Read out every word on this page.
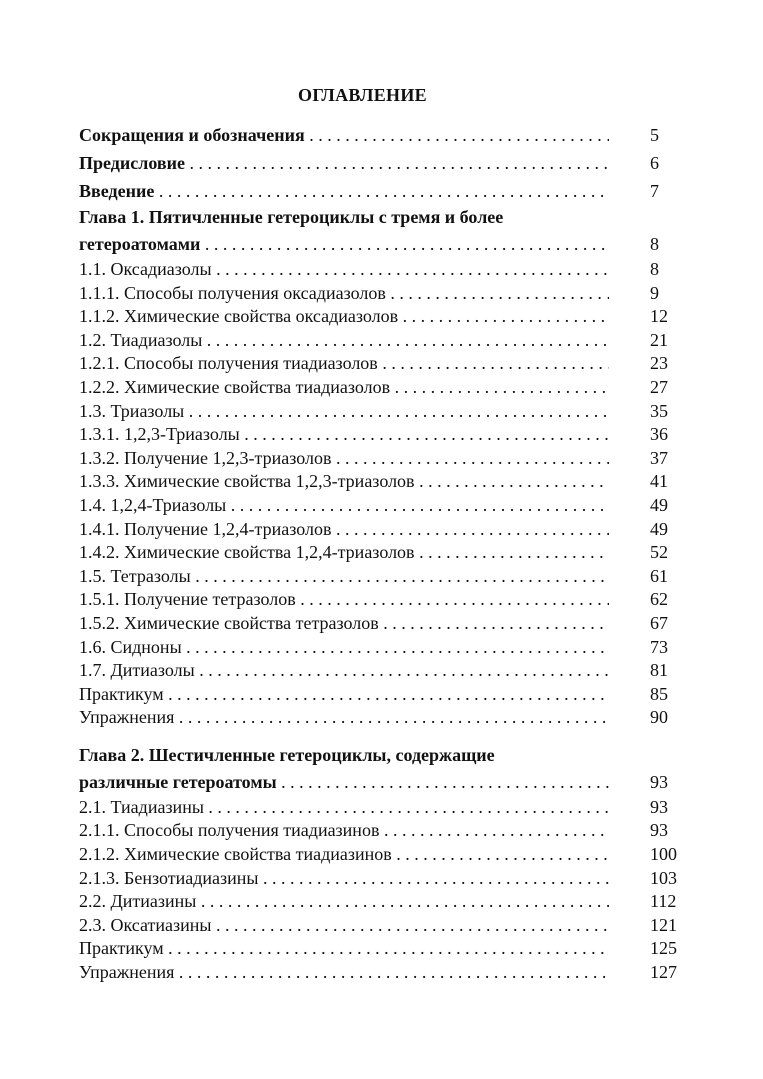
ОГЛАВЛЕНИЕ
Сокращения и обозначения . . .	5
Предисловие . . .	6
Введение . . .	7
Глава 1. Пятичленные гетероциклы с тремя и более
гетероатомами . . .	8
1.1. Оксадиазолы . . .	8
1.1.1. Способы получения оксадиазолов . . .	9
1.1.2. Химические свойства оксадиазолов . . .	12
1.2. Тиадиазолы . . .	21
1.2.1. Способы получения тиадиазолов . . .	23
1.2.2. Химические свойства тиадиазолов . . .	27
1.3. Триазолы . . .	35
1.3.1. 1,2,3-Триазолы . . .	36
1.3.2. Получение 1,2,3-триазолов . . .	37
1.3.3. Химические свойства 1,2,3-триазолов . . .	41
1.4. 1,2,4-Триазолы . . .	49
1.4.1. Получение 1,2,4-триазолов . . .	49
1.4.2. Химические свойства 1,2,4-триазолов . . .	52
1.5. Тетразолы . . .	61
1.5.1. Получение тетразолов . . .	62
1.5.2. Химические свойства тетразолов . . .	67
1.6. Сидноны . . .	73
1.7. Дитиазолы . . .	81
Практикум . . .	85
Упражнения . . .	90
Глава 2. Шестичленные гетероциклы, содержащие
различные гетероатомы . . .	93
2.1. Тиадиазины . . .	93
2.1.1. Способы получения тиадиазинов . . .	93
2.1.2. Химические свойства тиадиазинов . . .	100
2.1.3. Бензотиадиазины . . .	103
2.2. Дитиазины . . .	112
2.3. Оксатиазины . . .	121
Практикум . . .	125
Упражнения . . .	127
